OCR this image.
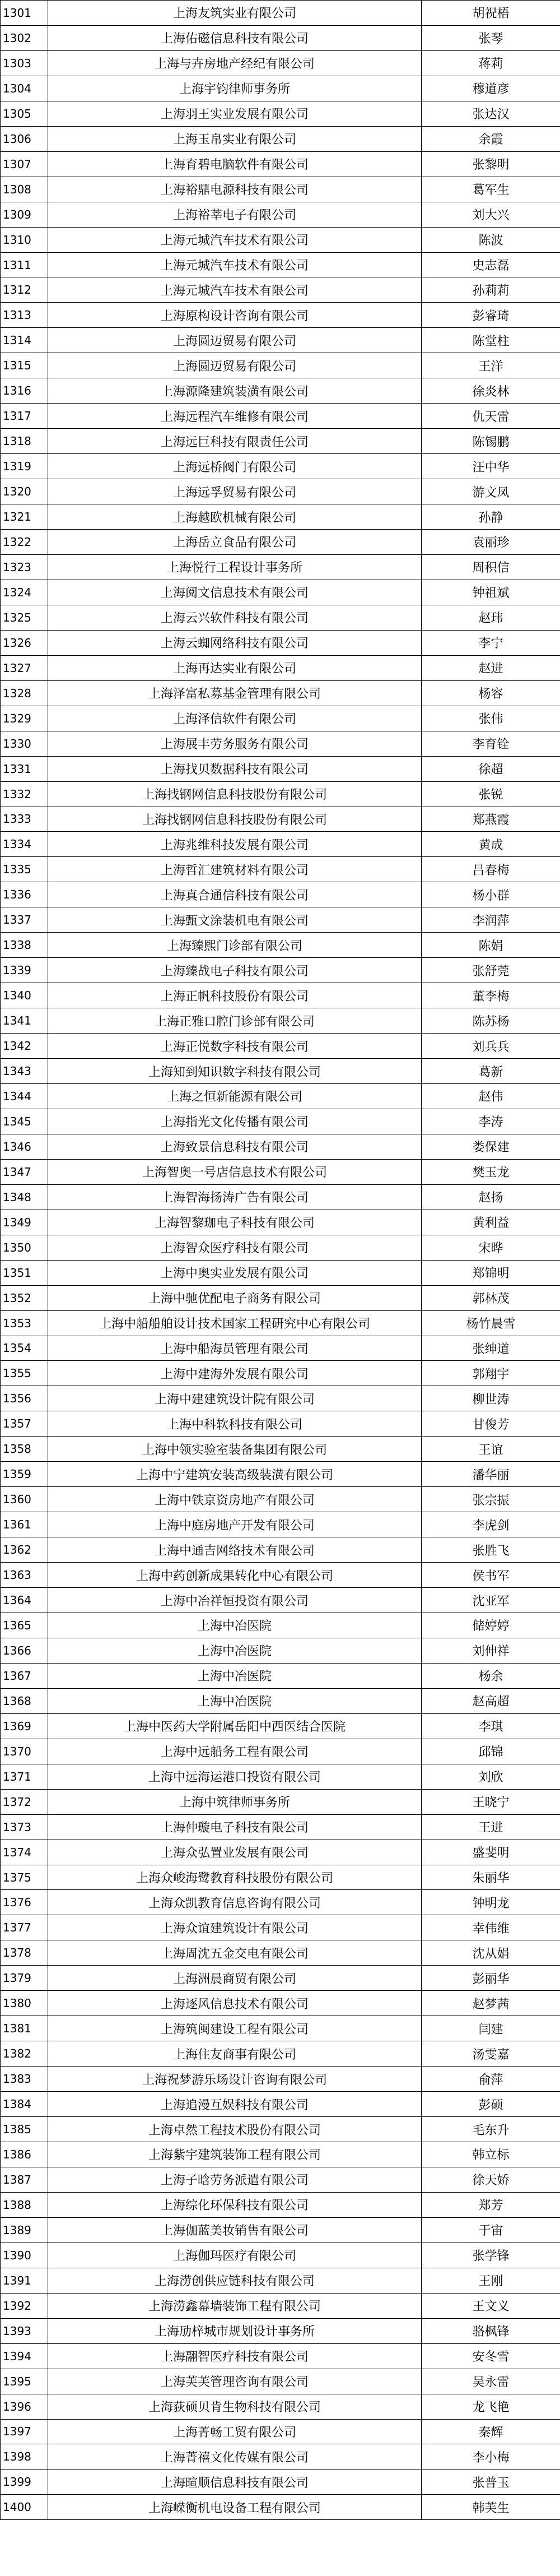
1301	上海友筑实业有限公司	胡祝梧
1302	上海佑磁信息科技有限公司	张琴
1303	上海与卉房地产经纪有限公司	蒋莉
1304	上海宇钧律师事务所	穆道彦
1305	上海羽王实业发展有限公司	张达汉
1306	上海玉帛实业有限公司	余霞
1307	上海育碧电脑软件有限公司	张黎明
1308	上海裕鼎电源科技有限公司	葛军生
1309	上海裕莘电子有限公司	刘大兴
1310	上海元城汽车技术有限公司	陈波
1311	上海元城汽车技术有限公司	史志磊
1312	上海元城汽车技术有限公司	孙莉莉
1313	上海原构设计咨询有限公司	彭睿琦
1314	上海圆迈贸易有限公司	陈堂柱
1315	上海圆迈贸易有限公司	王洋
1316	上海源隆建筑装潢有限公司	徐炎林
1317	上海远程汽车维修有限公司	仇天雷
1318	上海远巨科技有限责任公司	陈锡鹏
1319	上海远桥阀门有限公司	汪中华
1320	上海远孚贸易有限公司	游文凤
1321	上海越欧机械有限公司	孙静
1322	上海岳立食品有限公司	袁丽珍
1323	上海悦行工程设计事务所	周积信
1324	上海阅文信息技术有限公司	钟祖斌
1325	上海云兴软件科技有限公司	赵玮
1326	上海云蜘网络科技有限公司	李宁
1327	上海再达实业有限公司	赵进
1328	上海泽富私募基金管理有限公司	杨容
1329	上海泽信软件有限公司	张伟
1330	上海展丰劳务服务有限公司	李育铨
1331	上海找贝数据科技有限公司	徐超
1332	上海找钢网信息科技股份有限公司	张锐
1333	上海找钢网信息科技股份有限公司	郑燕霞
1334	上海兆维科技发展有限公司	黄成
1335	上海哲汇建筑材料有限公司	吕春梅
1336	上海真合通信科技有限公司	杨小群
1337	上海甄文涂装机电有限公司	李润萍
1338	上海臻熙门诊部有限公司	陈娟
1339	上海臻战电子科技有限公司	张舒莞
1340	上海正帆科技股份有限公司	董李梅
1341	上海正雅口腔门诊部有限公司	陈苏杨
1342	上海正悦数字科技有限公司	刘兵兵
1343	上海知到知识数字科技有限公司	葛新
1344	上海之恒新能源有限公司	赵伟
1345	上海指光文化传播有限公司	李涛
1346	上海致景信息科技有限公司	娄保建
1347	上海智奥一号店信息技术有限公司	樊玉龙
1348	上海智海扬涛广告有限公司	赵扬
1349	上海智黎珈电子科技有限公司	黄利益
1350	上海智众医疗科技有限公司	宋晔
1351	上海中奥实业发展有限公司	郑锦明
1352	上海中驰优配电子商务有限公司	郭林茂
1353	上海中船船舶设计技术国家工程研究中心有限公司	杨竹晨雪
1354	上海中船海员管理有限公司	张绅道
1355	上海中建海外发展有限公司	郭翔宇
1356	上海中建建筑设计院有限公司	柳世涛
1357	上海中科软科技有限公司	甘俊芳
1358	上海中领实验室装备集团有限公司	王谊
1359	上海中宁建筑安装高级装潢有限公司	潘华丽
1360	上海中铁京资房地产有限公司	张宗振
1361	上海中庭房地产开发有限公司	李虎剑
1362	上海中通吉网络技术有限公司	张胜飞
1363	上海中药创新成果转化中心有限公司	侯书军
1364	上海中冶祥恒投资有限公司	沈亚军
1365	上海中冶医院	储婷婷
1366	上海中冶医院	刘伸祥
1367	上海中冶医院	杨余
1368	上海中冶医院	赵高超
1369	上海中医药大学附属岳阳中西医结合医院	李琪
1370	上海中远船务工程有限公司	邱锦
1371	上海中远海运港口投资有限公司	刘欣
1372	上海中筑律师事务所	王晓宁
1373	上海仲璇电子科技有限公司	王进
1374	上海众弘置业发展有限公司	盛斐明
1375	上海众峻海鹭教育科技股份有限公司	朱丽华
1376	上海众凯教育信息咨询有限公司	钟明龙
1377	上海众谊建筑设计有限公司	幸伟维
1378	上海周沈五金交电有限公司	沈从娟
1379	上海洲晨商贸有限公司	彭丽华
1380	上海逐风信息技术有限公司	赵梦茜
1381	上海筑闽建设工程有限公司	闫建
1382	上海住友商事有限公司	汤雯嘉
1383	上海祝梦游乐场设计咨询有限公司	俞萍
1384	上海追漫互娱科技有限公司	彭硕
1385	上海卓然工程技术股份有限公司	毛东升
1386	上海紫宇建筑装饰工程有限公司	韩立标
1387	上海子晗劳务派遣有限公司	徐天娇
1388	上海综化环保科技有限公司	郑芳
1389	上海伽蓝美妆销售有限公司	于宙
1390	上海伽玛医疗有限公司	张学锋
1391	上海涝创供应链科技有限公司	王刚
1392	上海涝鑫幕墙装饰工程有限公司	王文义
1393	上海劢梓城市规划设计事务所	骆枫锋
1394	上海翮智医疗科技有限公司	安冬雪
1395	上海芙芙管理咨询有限公司	吴永雷
1396	上海荻硕贝肯生物科技有限公司	龙飞艳
1397	上海菁畅工贸有限公司	秦辉
1398	上海菁禧文化传媒有限公司	李小梅
1399	上海暄顺信息科技有限公司	张普玉
1400	上海嵘衡机电设备工程有限公司	韩芙生
